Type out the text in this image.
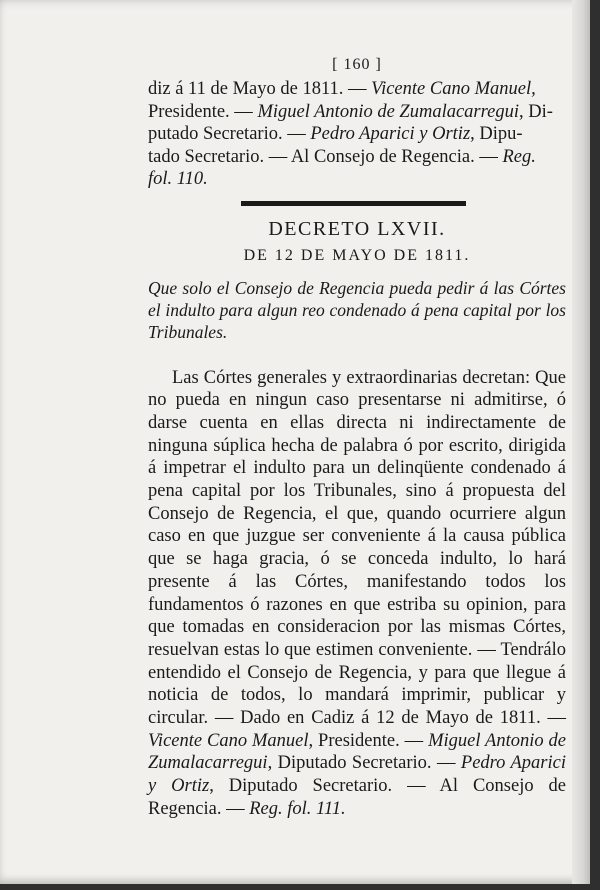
[ 160 ]

diz á 11 de Mayo de 1811. — Vicente Cano Manuel,
Presidente. — Miguel Antonio de Zumalacarregui, Di-
putado Secretario. — Pedro Aparici y Ortiz, Dipu-
tado Secretario. — Al Consejo de Regencia. — Reg.
fol. 110.

DECRETO LXVII.
DE 12 DE MAYO DE 1811.

Que solo el Consejo de Regencia pueda pedir á las Córtes el indulto para algun reo condenado á pena capital por los Tribunales.

Las Córtes generales y extraordinarias decretan: Que no pueda en ningun caso presentarse ni admitirse, ó darse cuenta en ellas directa ni indirectamente de ninguna súplica hecha de palabra ó por escrito, dirigida á impetrar el indulto para un delinqüente condenado á pena capital por los Tribunales, sino á propuesta del Consejo de Regencia, el que, quando ocurriere algun caso en que juzgue ser conveniente á la causa pública que se haga gracia, ó se conceda indulto, lo hará presente á las Córtes, manifestando todos los fundamentos ó razones en que estriba su opinion, para que tomadas en consideracion por las mismas Córtes, resuelvan estas lo que estimen conveniente. — Tendrálo entendido el Consejo de Regencia, y para que llegue á noticia de todos, lo mandará imprimir, publicar y circular. — Dado en Cadiz á 12 de Mayo de 1811. — Vicente Cano Manuel, Presidente. — Miguel Antonio de Zumalacarregui, Diputado Secretario. — Pedro Aparici y Ortiz, Diputado Secretario. — Al Consejo de Regencia. — Reg. fol. 111.
